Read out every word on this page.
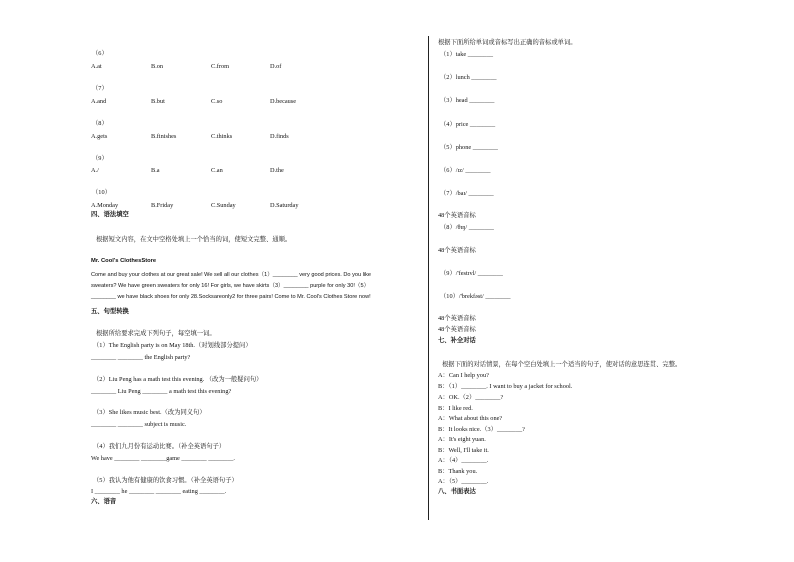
（6）
A.at	B.on	C.from	D.of
（7）
A.and	B.but	C.so	D.because
（8）
A.gets	B.finishes	C.thinks	D.finds
（9）
A./	B.a	C.an	D.the
（10）
A.Monday	B.Friday	C.Sunday	D.Saturday
四、语法填空
根据短文内容，在文中空格处填上一个恰当的词，使短文完整、通顺。
Mr. Cool's ClothesStore
Come and buy your clothes at our great sale! We sell all our clothes（1）________ very good prices. Do you like
sweaters? We have green sweaters for only 16! For girls, we have skirts（3）________ purple for only 30!（5）
________ we have black shoes for only 28.Socksareonly2 for three pairs! Come to Mr. Cool's Clothes Store now!
五、句型转换
根据所给要求完成下列句子，每空填一词。
（1）The English party is on May 18th.（对划线部分提问）
________ ________ the English party?
（2）Liu Peng has a math test this evening. （改为一般疑问句）
________ Liu Peng ________ a math test this evening?
（3）She likes music best.（改为同义句）
________ ________ subject is music.
（4）我们九月份有运动比赛。（补全英语句子）
We have ________ ________game ________ ________.
（5）我认为他有健康的饮食习惯。（补全英语句子）
I ________ he ________ ________ eating ________.
六、语音
根据下面所给单词或音标写出正确的音标或单词。
（1）take ________
（2）lunch ________
（3）head ________
（4）price ________
（5）phone ________
（6）/ɪz/ ________
（7）/baɪ/ ________
48个英语音标
（8）/θɪŋ/ ________
48个英语音标
（9）/'festɪvl/ ________
（10）/'brekfəst/ ________
48个英语音标
48个英语音标
七、补全对话
根据下面的对话情景，在每个空白处填上一个适当的句子，使对话的意思连贯、完整。
A：Can I help you?
B：（1）________. I want to buy a jacket for school.
A：OK.（2）________?
B：I like red.
A：What about this one?
B：It looks nice.（3）________?
A：It's eight yuan.
B：Well, I'll take it.
A：（4）________.
B：Thank you.
A：（5）________.
八、书面表达
